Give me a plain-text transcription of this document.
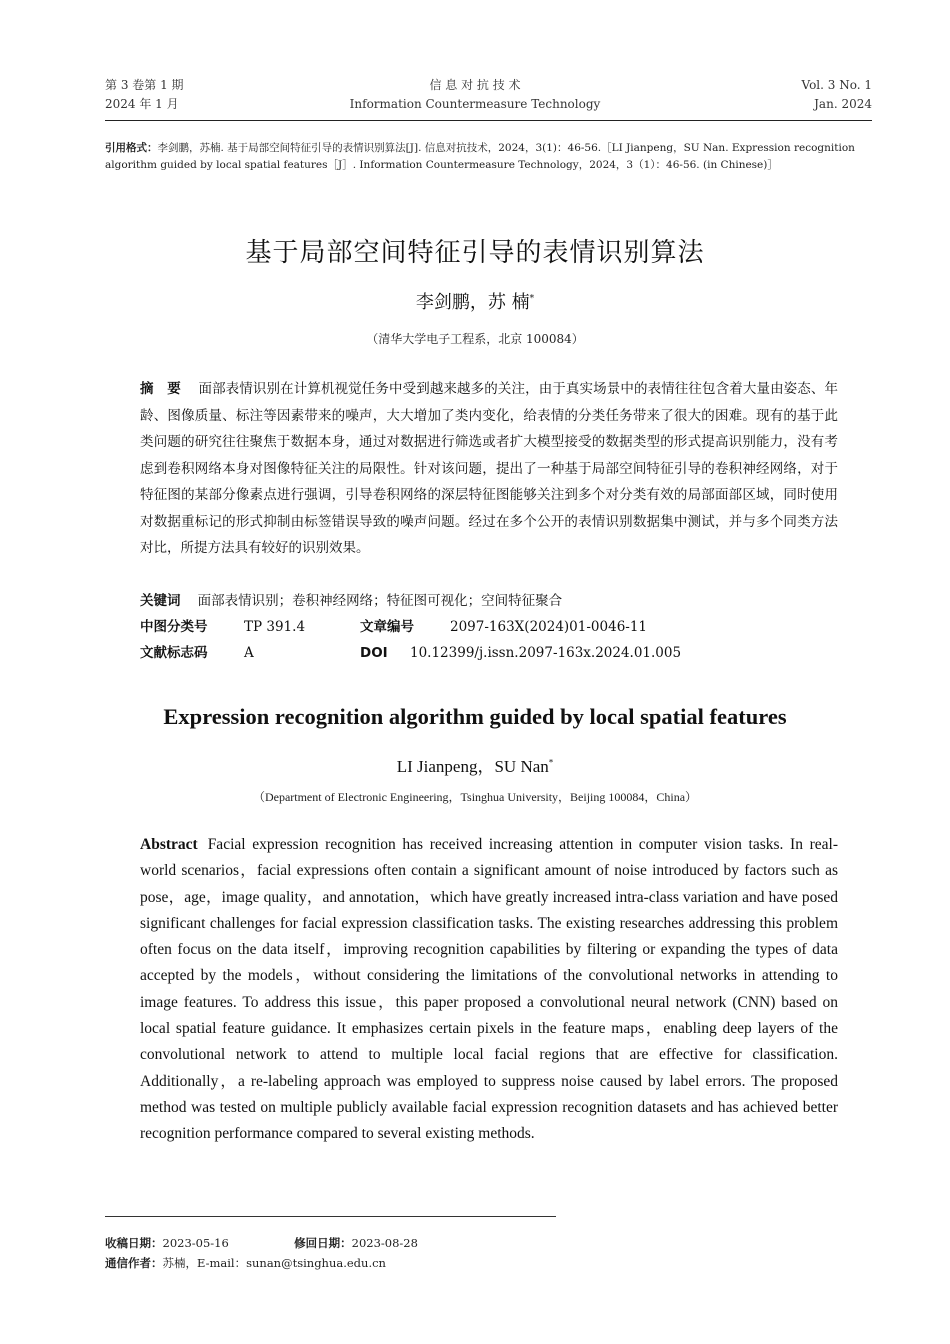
第 3 卷第 1 期
2024 年 1 月
信 息 对 抗 技 术
Information Countermeasure Technology
Vol. 3 No. 1
Jan. 2024
引用格式：李剑鹏，苏楠. 基于局部空间特征引导的表情识别算法[J]. 信息对抗技术，2024，3(1)：46-56.［LI Jianpeng，SU Nan. Expression recognition algorithm guided by local spatial features［J］. Information Countermeasure Technology，2024，3（1）：46-56. (in Chinese)］
基于局部空间特征引导的表情识别算法
李剑鹏，苏 楠*
（清华大学电子工程系，北京 100084）
摘　要 面部表情识别在计算机视觉任务中受到越来越多的关注，由于真实场景中的表情往往包含着大量由姿态、年龄、图像质量、标注等因素带来的噪声，大大增加了类内变化，给表情的分类任务带来了很大的困难。现有的基于此类问题的研究往往聚焦于数据本身，通过对数据进行筛选或者扩大模型接受的数据类型的形式提高识别能力，没有考虑到卷积网络本身对图像特征关注的局限性。针对该问题，提出了一种基于局部空间特征引导的卷积神经网络，对于特征图的某部分像素点进行强调，引导卷积网络的深层特征图能够关注到多个对分类有效的局部面部区域，同时使用对数据重标记的形式抑制由标签错误导致的噪声问题。经过在多个公开的表情识别数据集中测试，并与多个同类方法对比，所提方法具有较好的识别效果。
关键词 面部表情识别；卷积神经网络；特征图可视化；空间特征聚合
中图分类号	TP 391.4	文章编号	2097-163X(2024)01-0046-11
文献标志码	A	DOI 10.12399/j.issn.2097-163x.2024.01.005
Expression recognition algorithm guided by local spatial features
LI Jianpeng，SU Nan*
（Department of Electronic Engineering，Tsinghua University，Beijing 100084，China）
Abstract Facial expression recognition has received increasing attention in computer vision tasks. In real-world scenarios，facial expressions often contain a significant amount of noise introduced by factors such as pose，age，image quality，and annotation，which have greatly increased intra-class variation and have posed significant challenges for facial expression classification tasks. The existing researches addressing this problem often focus on the data itself，improving recognition capabilities by filtering or expanding the types of data accepted by the models，without considering the limitations of the convolutional networks in attending to image features. To address this issue，this paper proposed a convolutional neural network (CNN) based on local spatial feature guidance. It emphasizes certain pixels in the feature maps，enabling deep layers of the convolutional network to attend to multiple local facial regions that are effective for classification. Additionally，a re-labeling approach was employed to suppress noise caused by label errors. The proposed method was tested on multiple publicly available facial expression recognition datasets and has achieved better recognition performance compared to several existing methods.
收稿日期：2023-05-16	修回日期：2023-08-28
通信作者：苏楠，E-mail：sunan@tsinghua.edu.cn
